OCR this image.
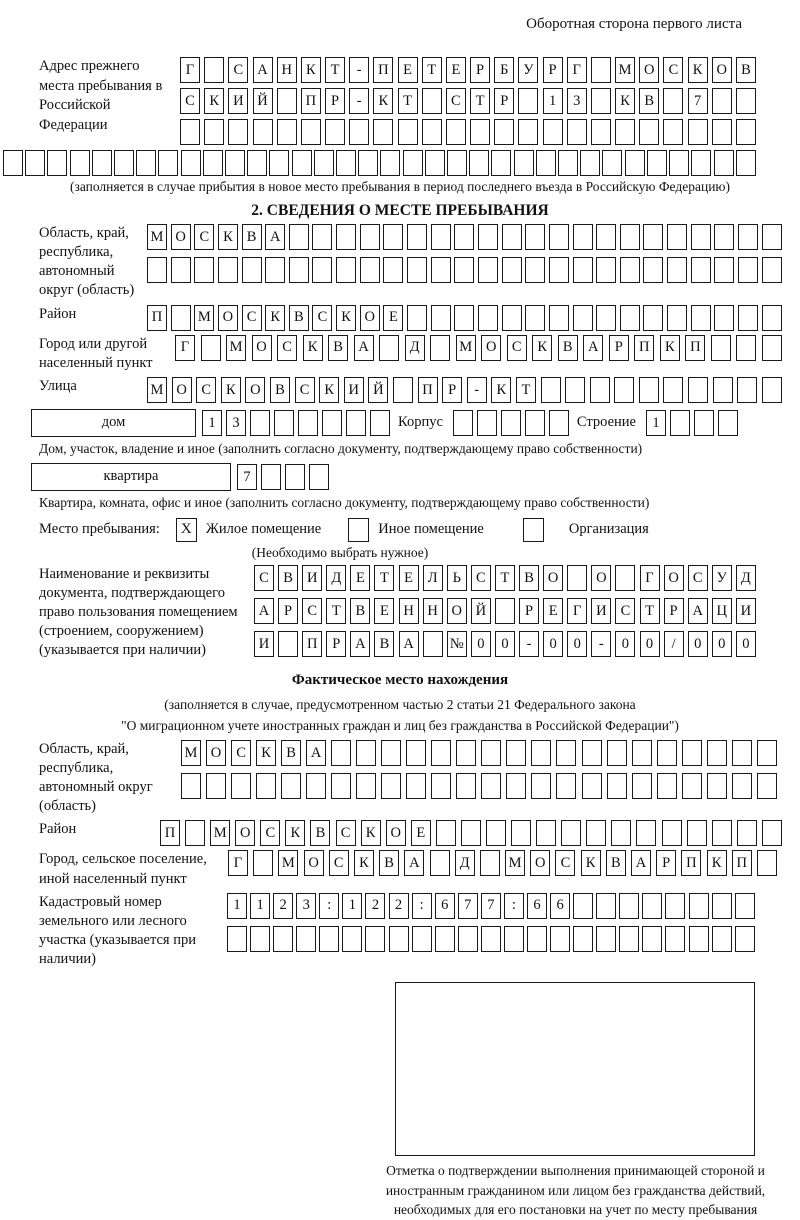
Оборотная сторона первого листа
Адрес прежнего места пребывания в Российской Федерации
Г	С А Н К	Т	-	П	Е	Т	Е	Р	Б	У	Р	Г	М О С	К О В
С	К И Й	П	Р	-	К	Т	С	Т	Р	1	3	К	В	7
(заполняется в случае прибытия в новое место пребывания в период последнего въезда в Российскую Федерацию)
2. СВЕДЕНИЯ О МЕСТЕ ПРЕБЫВАНИЯ
Область, край, республика, автономный округ (область)
М О С К В А
Район	П	М О С К В С К О Е
Город или другой населенный пункт
Г	М О	С	К	В	А	Д	М О	С	К	В	А	Р	П	К	П
Улица	М О	С	К	О	В	С	К	И Й	П	Р	-	К	Т
дом	1	3	Корпус	Строение	1
Дом, участок, владение и иное (заполнить согласно документу, подтверждающему право собственности)
квартира	7
Квартира, комната, офис и иное (заполнить согласно документу, подтверждающему право собственности)
Место пребывания:	X Жилое помещение	Иное помещение	Организация
(Необходимо выбрать нужное)
Наименование и реквизиты документа, подтверждающего право пользования помещением (строением, сооружением) (указывается при наличии)
С В И Д	Е	Т	Е	Л	Ь	С	Т	В О	О	Г	О С У Д
А	Р	С	Т	В	Е Н Н О Й	Р	Е	Г	И С	Т	Р	А Ц И
И	П	Р	А В А	№ 0	0	-	0	0	-	0	0	/	0	0	0
Фактическое место нахождения
(заполняется в случае, предусмотренном частью 2 статьи 21 Федерального закона
"О миграционном учете иностранных граждан и лиц без гражданства в Российской Федерации")
Область, край, республика, автономный округ (область)
М О	С	К	В	А
Район	П	М О	С	К	В	С	К	О	Е
Город, сельское поселение, иной населенный пункт
Г	М О	С	К	В	А	Д	М О	С	К	В	А	Р	П	К	П
Кадастровый номер земельного или лесного участка (указывается при наличии)
1	1	2	3	:	1	2	2	:	6	7	7	:	6	6
Отметка о подтверждении выполнения принимающей стороной и иностранным гражданином или лицом без гражданства действий, необходимых для его постановки на учет по месту пребывания
